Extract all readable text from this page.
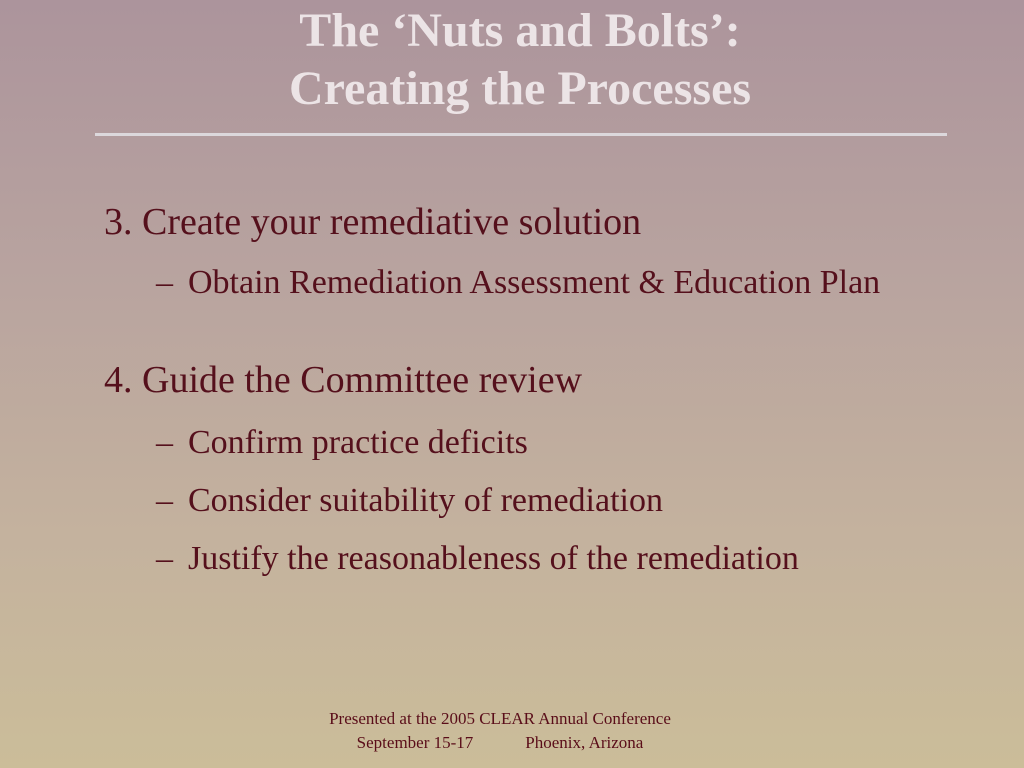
The ‘Nuts and Bolts’:
Creating the Processes
3. Create your remediative solution
– Obtain Remediation Assessment & Education Plan
4. Guide the Committee review
– Confirm practice deficits
– Consider suitability of remediation
– Justify the reasonableness of the remediation
Presented at the 2005 CLEAR Annual Conference
September 15-17	Phoenix, Arizona
